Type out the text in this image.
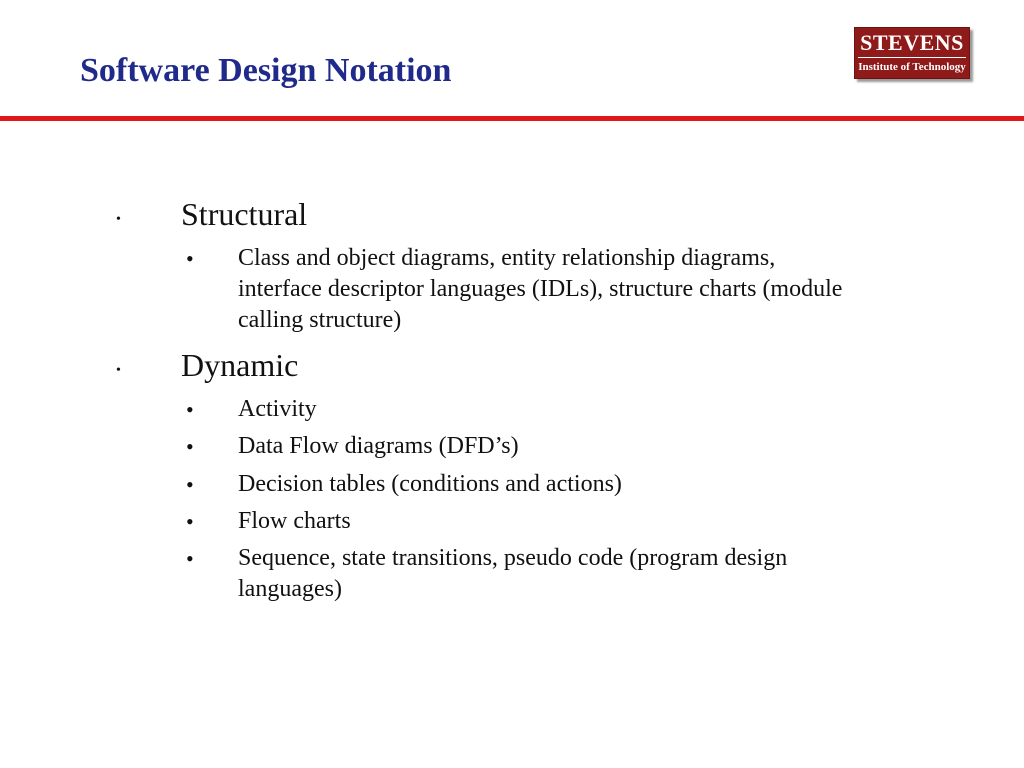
Software Design Notation
STEVENS
Institute of Technology
• Structural
• Class and object diagrams, entity relationship diagrams,
interface descriptor languages (IDLs), structure charts (module
calling structure)
• Dynamic
• Activity
• Data Flow diagrams (DFD’s)
• Decision tables (conditions and actions)
• Flow charts
• Sequence, state transitions, pseudo code (program design
languages)
